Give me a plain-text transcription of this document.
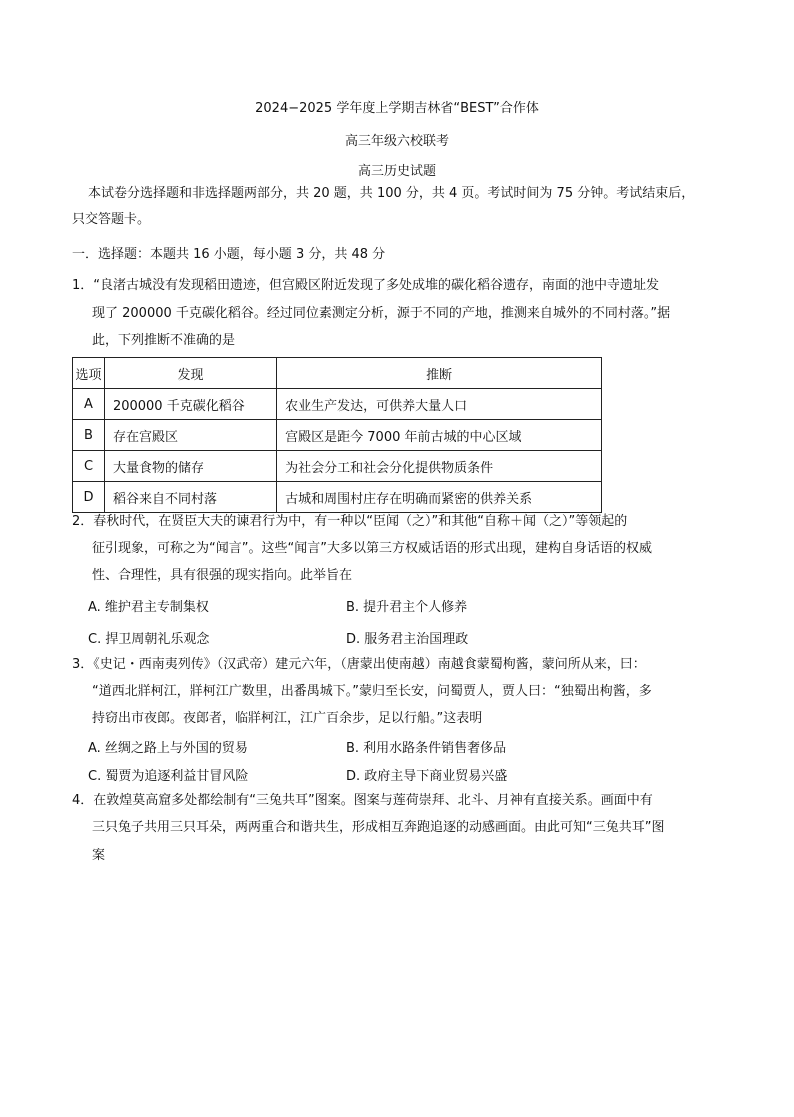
2024−2025 学年度上学期吉林省“BEST”合作体
高三年级六校联考
高三历史试题
本试卷分选择题和非选择题两部分，共 20 题，共 100 分，共 4 页。考试时间为 75 分钟。考试结束后，
只交答题卡。
一．选择题：本题共 16 小题，每小题 3 分，共 48 分
1．“良渚古城没有发现稻田遗迹，但宫殿区附近发现了多处成堆的碳化稻谷遗存，南面的池中寺遗址发
现了 200000 千克碳化稻谷。经过同位素测定分析，源于不同的产地，推测来自城外的不同村落。”据
此，下列推断不准确的是
选项	发现	推断
A	200000 千克碳化稻谷	农业生产发达，可供养大量人口
B	存在宫殿区	宫殿区是距今 7000 年前古城的中心区域
C	大量食物的储存	为社会分工和社会分化提供物质条件
D	稻谷来自不同村落	古城和周围村庄存在明确而紧密的供养关系
2．春秋时代，在贤臣大夫的谏君行为中，有一种以“臣闻（之）”和其他“自称＋闻（之）”等领起的
征引现象，可称之为“闻言”。这些“闻言”大多以第三方权威话语的形式出现，建构自身话语的权威
性、合理性，具有很强的现实指向。此举旨在
A. 维护君主专制集权	B. 提升君主个人修养
C. 捍卫周朝礼乐观念	D. 服务君主治国理政
3．《史记・西南夷列传》（汉武帝）建元六年，（唐蒙出使南越）南越食蒙蜀枸酱，蒙问所从来，曰：
“道西北牂柯江，牂柯江广数里，出番禺城下。”蒙归至长安，问蜀贾人，贾人曰：“独蜀出枸酱，多
持窃出市夜郎。夜郎者，临牂柯江，江广百余步，足以行船。”这表明
A. 丝绸之路上与外国的贸易	B. 利用水路条件销售奢侈品
C. 蜀贾为追逐利益甘冒风险	D. 政府主导下商业贸易兴盛
4．在敦煌莫高窟多处都绘制有“三兔共耳”图案。图案与莲荷崇拜、北斗、月神有直接关系。画面中有
三只兔子共用三只耳朵，两两重合和谐共生，形成相互奔跑追逐的动感画面。由此可知“三兔共耳”图
案
